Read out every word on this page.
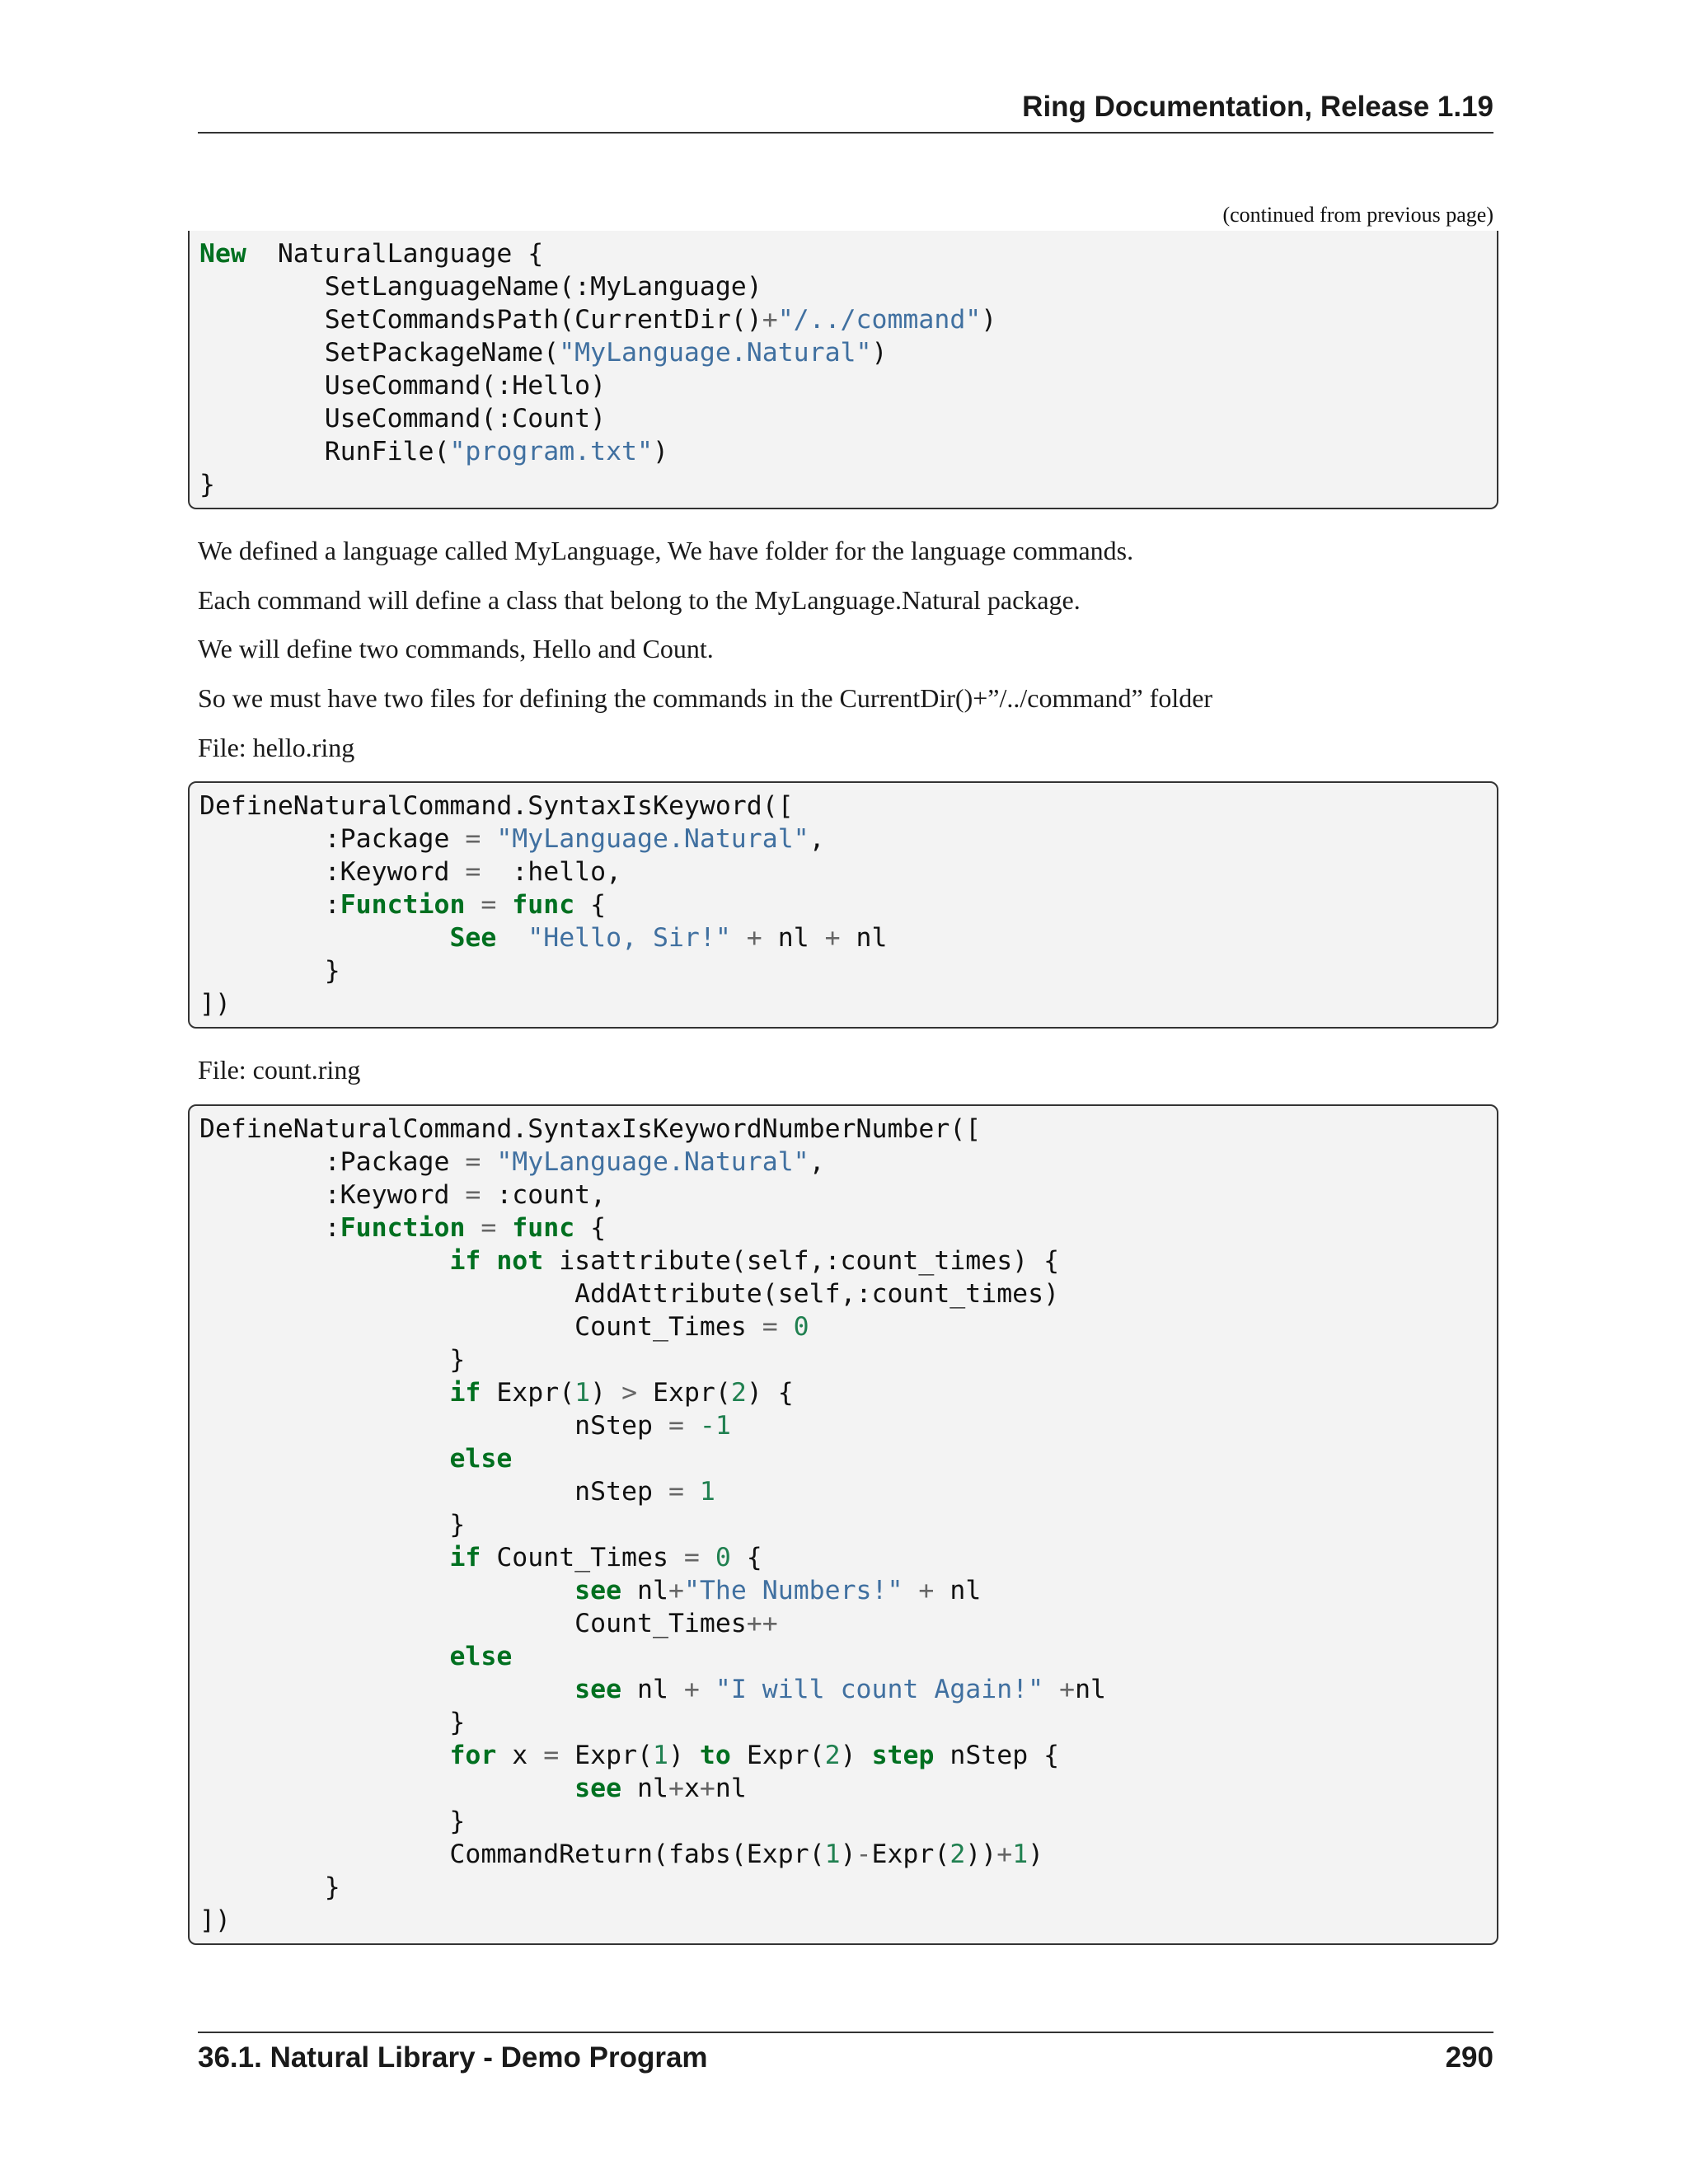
Ring Documentation, Release 1.19
(continued from previous page)
New  NaturalLanguage {
SetLanguageName(:MyLanguage)
SetCommandsPath(CurrentDir()+"/../command")
SetPackageName("MyLanguage.Natural")
UseCommand(:Hello)
UseCommand(:Count)
RunFile("program.txt")
}
We defined a language called MyLanguage, We have folder for the language commands.
Each command will define a class that belong to the MyLanguage.Natural package.
We will define two commands, Hello and Count.
So we must have two files for defining the commands in the CurrentDir()+”/../command” folder
File: hello.ring
DefineNaturalCommand.SyntaxIsKeyword([
:Package = "MyLanguage.Natural",
:Keyword =  :hello,
:Function = func {
See "Hello, Sir!" + nl + nl
}
])
File: count.ring
DefineNaturalCommand.SyntaxIsKeywordNumberNumber([
:Package = "MyLanguage.Natural",
:Keyword = :count,
:Function = func {
if not isattribute(self,:count_times) {
AddAttribute(self,:count_times)
Count_Times = 0
}
if Expr(1) > Expr(2) {
nStep = -1
else
nStep = 1
}
if Count_Times = 0 {
see nl+"The Numbers!" + nl
Count_Times++
else
see nl + "I will count Again!" +nl
}
for x = Expr(1) to Expr(2) step nStep {
see nl+x+nl
}
CommandReturn(fabs(Expr(1)-Expr(2))+1)
}
])
36.1. Natural Library - Demo Program	290
